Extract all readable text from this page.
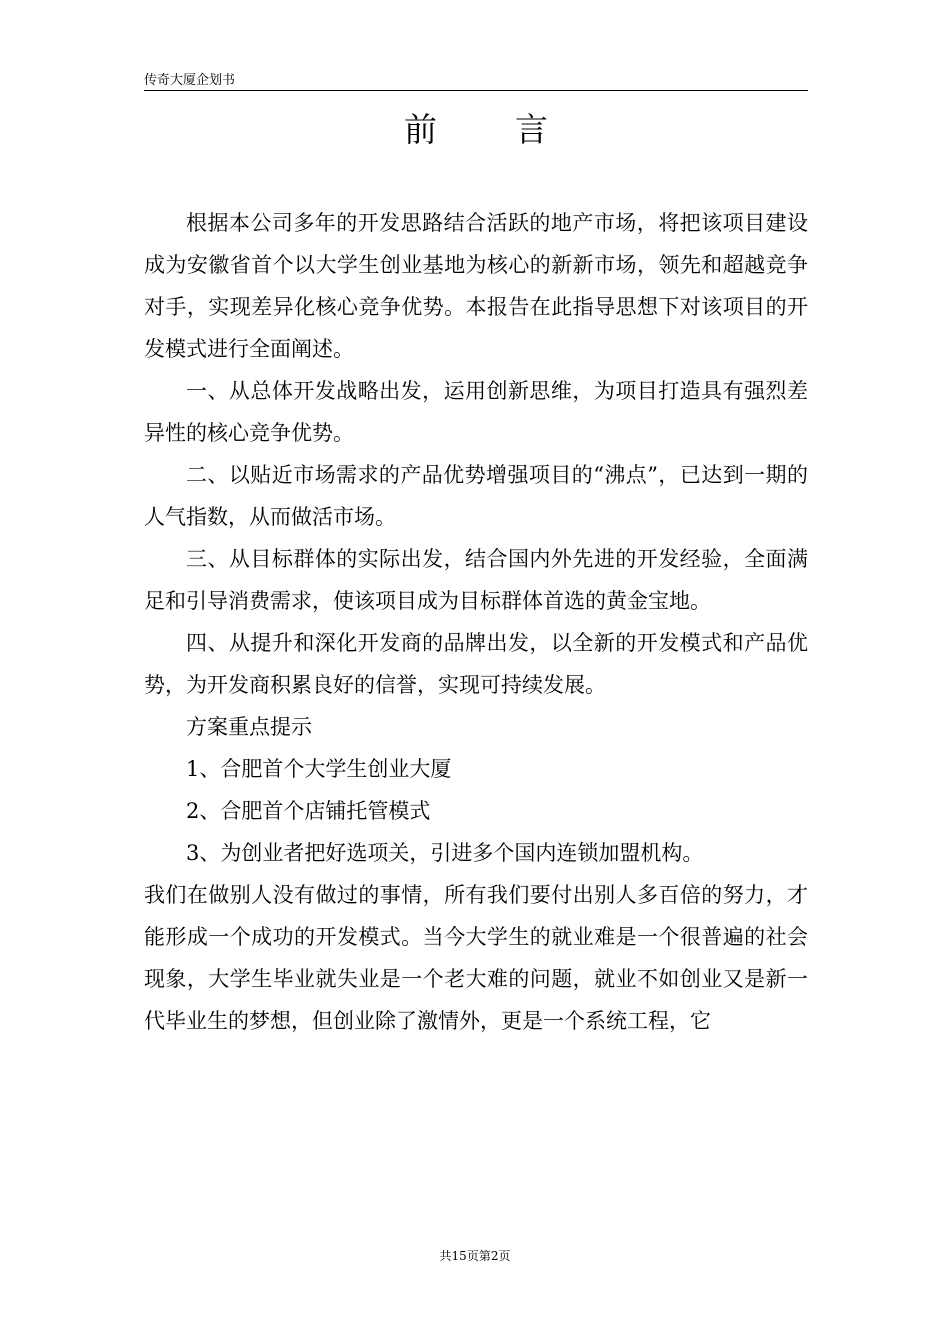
传奇大厦企划书
前言

根据本公司多年的开发思路结合活跃的地产市场，将把该项目建设成为安徽省首个以大学生创业基地为核心的新新市场，领先和超越竞争对手，实现差异化核心竞争优势。本报告在此指导思想下对该项目的开发模式进行全面阐述。

一、从总体开发战略出发，运用创新思维，为项目打造具有强烈差异性的核心竞争优势。

二、以贴近市场需求的产品优势增强项目的“沸点”，已达到一期的人气指数，从而做活市场。

三、从目标群体的实际出发，结合国内外先进的开发经验，全面满足和引导消费需求，使该项目成为目标群体首选的黄金宝地。

四、从提升和深化开发商的品牌出发，以全新的开发模式和产品优势，为开发商积累良好的信誉，实现可持续发展。

方案重点提示

1、合肥首个大学生创业大厦

2、合肥首个店铺托管模式

3、为创业者把好选项关，引进多个国内连锁加盟机构。

我们在做别人没有做过的事情，所有我们要付出别人多百倍的努力，才能形成一个成功的开发模式。当今大学生的就业难是一个很普遍的社会现象，大学生毕业就失业是一个老大难的问题，就业不如创业又是新一代毕业生的梦想，但创业除了激情外，更是一个系统工程，它

共15页第2页
